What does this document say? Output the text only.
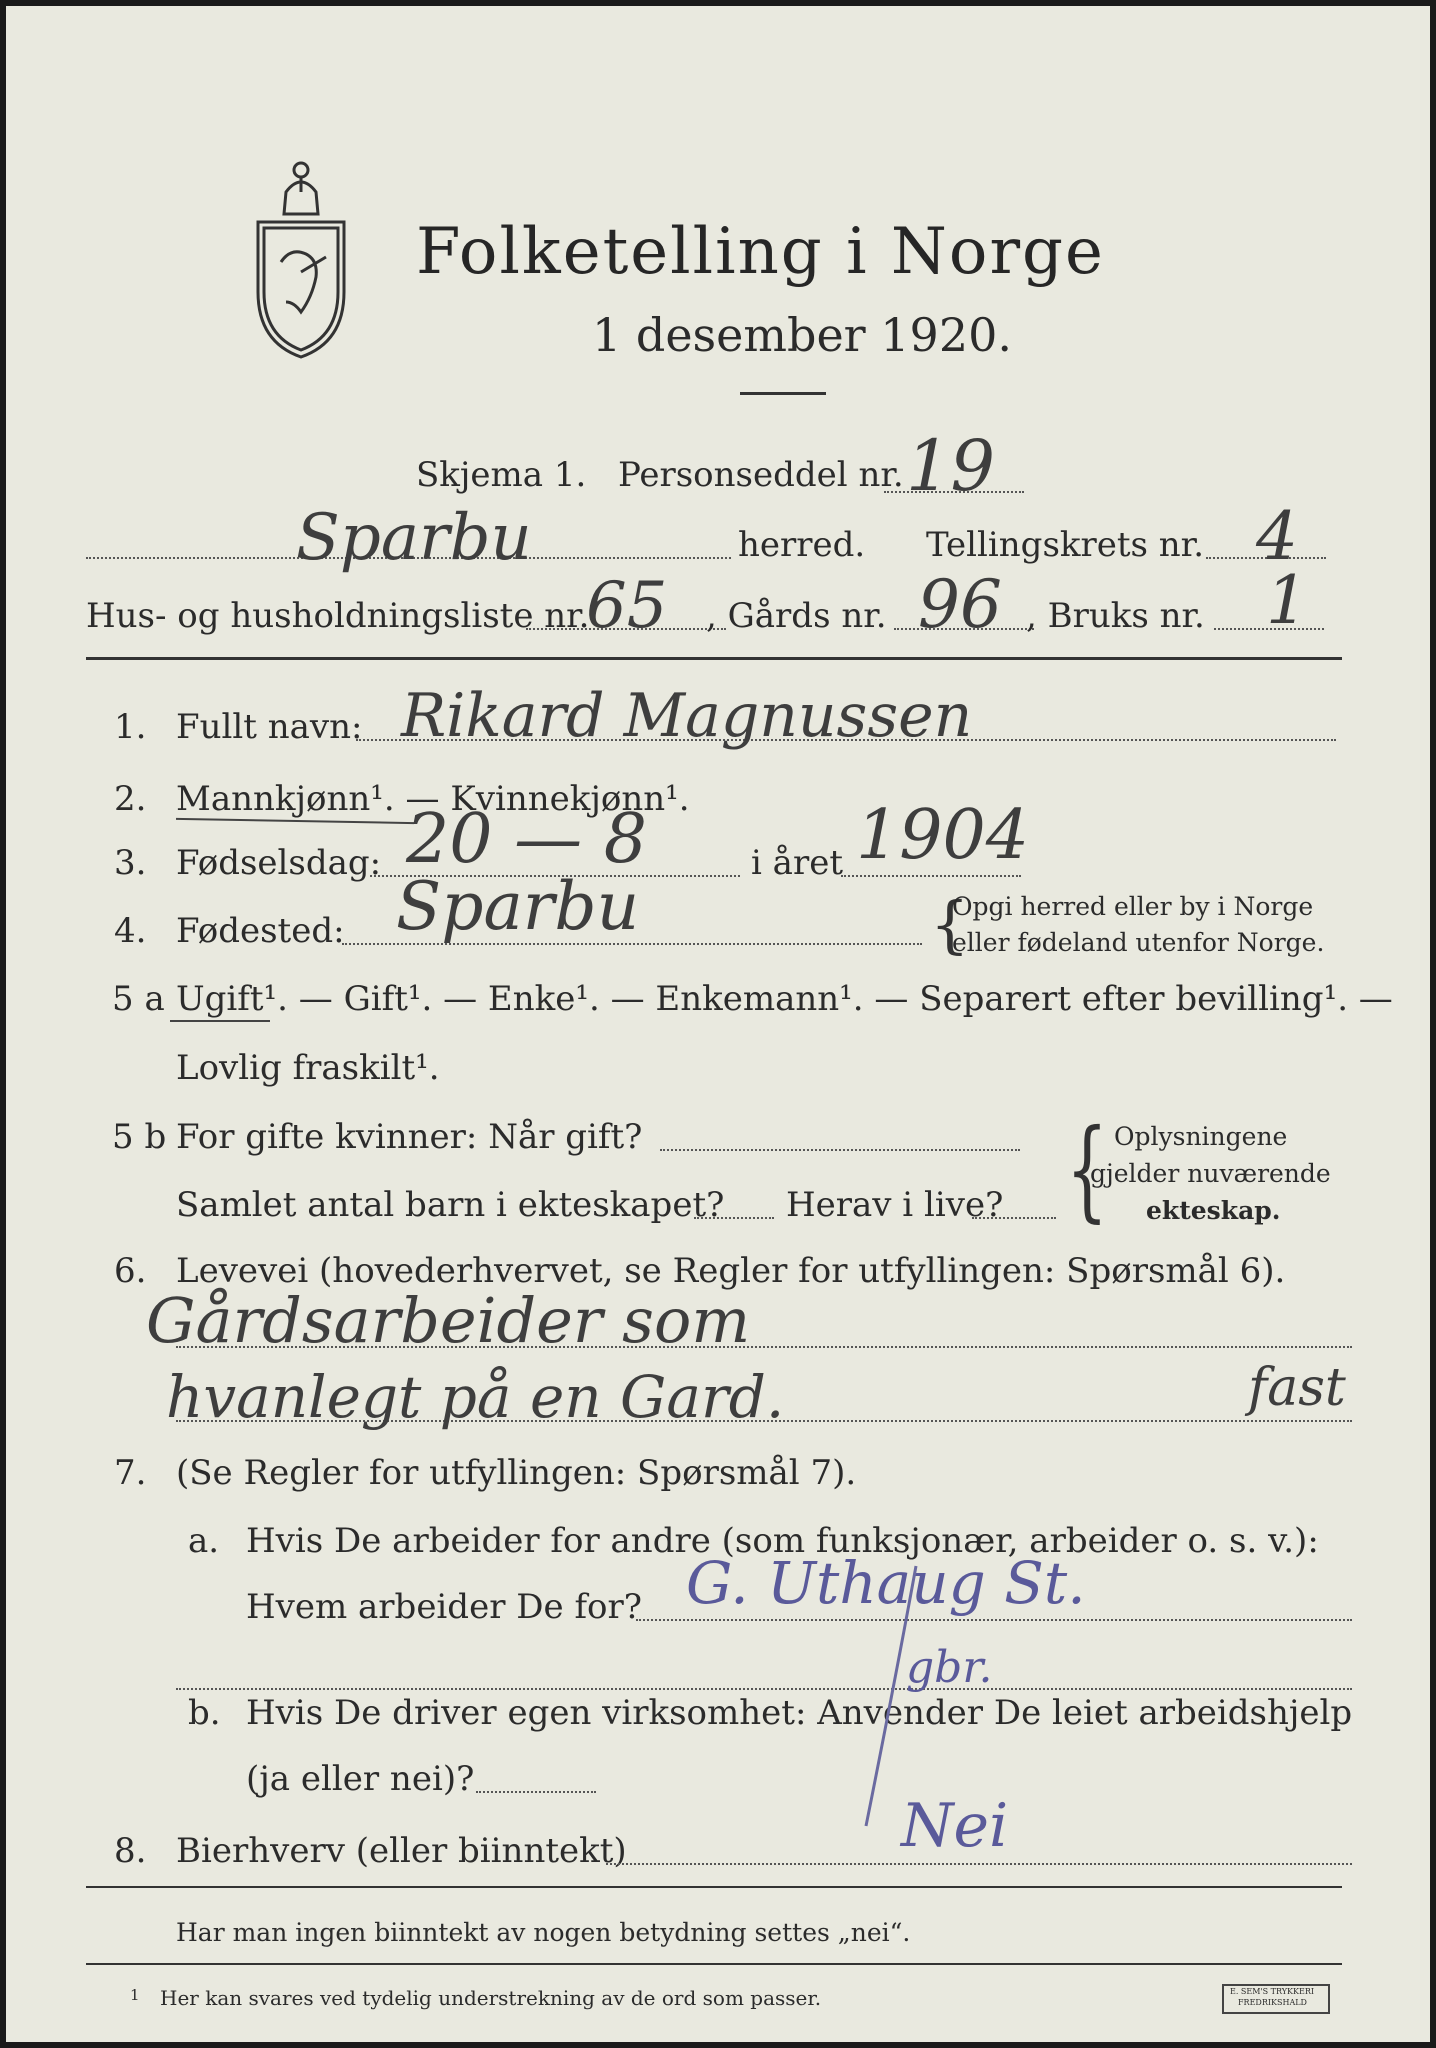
Folketelling i Norge
1 desember 1920.
Skjema 1. Personseddel nr. 19
Sparbu	herred. Tellingskrets nr. 4
Hus- og husholdningsliste nr.
65 , Gårds nr. 96 , Bruks nr. 1
1. Fullt navn: Rikard Magnussen
2. Mannkjønn¹. — Kvinnekjønn¹.
3. Fødselsdag: 20 — 8	i året 1904
4. Fødested: Sparbu	{
Opgi herred eller by i Norge
eller fødeland utenfor Norge.
5 a Ugift¹. — Gift¹. — Enke¹. — Enkemann¹. — Separert efter bevilling¹. —
Lovlig fraskilt¹.
5 b For gifte kvinner: Når gift?
Samlet antal barn i ekteskapet? Herav i live? { Oplysningene
gjelder nuværende
ekteskap.
6. Levevei (hovederhvervet, se Regler for utfyllingen: Spørsmål 6).
Gårdsarbeider som
hvanlegt på en Gard.	fast
7. (Se Regler for utfyllingen: Spørsmål 7).
a. Hvis De arbeider for andre (som funksjonær, arbeider o. s. v.):
Hvem arbeider De for? G. Uthaug St.
gbr.
b. Hvis De driver egen virksomhet: Anvender De leiet arbeidshjelp
(ja eller nei)?
8. Bierhverv (eller biinntekt)	Nei
Har man ingen biinntekt av nogen betydning settes „nei“.
1 Her kan svares ved tydelig understrekning av de ord som passer.	E. SEM'S TRYKKERI
FREDRIKSHALD
